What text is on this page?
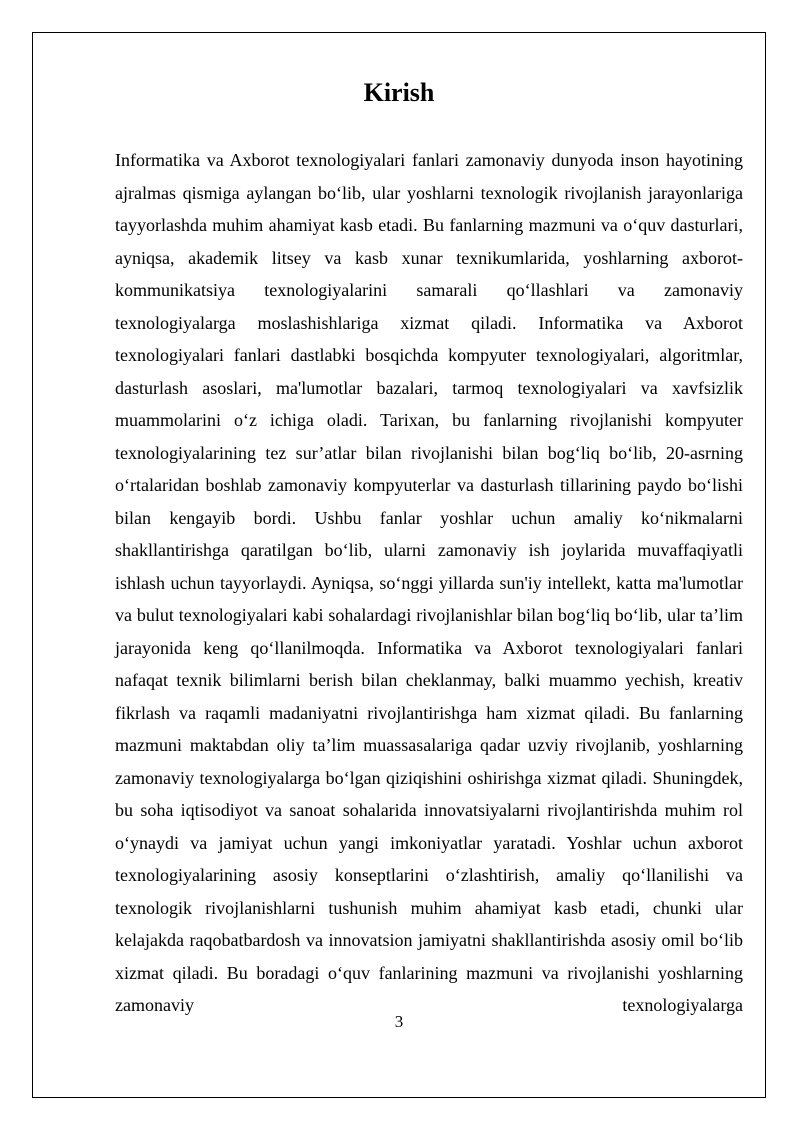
Kirish

Informatika va Axborot texnologiyalari fanlari zamonaviy dunyoda inson hayotining ajralmas qismiga aylangan bo‘lib, ular yoshlarni texnologik rivojlanish jarayonlariga tayyorlashda muhim ahamiyat kasb etadi. Bu fanlarning mazmuni va o‘quv dasturlari, ayniqsa, akademik litsey va kasb xunar texnikumlarida, yoshlarning axborot-kommunikatsiya texnologiyalarini samarali qo‘llashlari va zamonaviy texnologiyalarga moslashishlariga xizmat qiladi. Informatika va Axborot texnologiyalari fanlari dastlabki bosqichda kompyuter texnologiyalari, algoritmlar, dasturlash asoslari, ma'lumotlar bazalari, tarmoq texnologiyalari va xavfsizlik muammolarini o‘z ichiga oladi. Tarixan, bu fanlarning rivojlanishi kompyuter texnologiyalarining tez sur’atlar bilan rivojlanishi bilan bog‘liq bo‘lib, 20-asrning o‘rtalaridan boshlab zamonaviy kompyuterlar va dasturlash tillarining paydo bo‘lishi bilan kengayib bordi. Ushbu fanlar yoshlar uchun amaliy ko‘nikmalarni shakllantirishga qaratilgan bo‘lib, ularni zamonaviy ish joylarida muvaffaqiyatli ishlash uchun tayyorlaydi. Ayniqsa, so‘nggi yillarda sun'iy intellekt, katta ma'lumotlar va bulut texnologiyalari kabi sohalardagi rivojlanishlar bilan bog‘liq bo‘lib, ular ta’lim jarayonida keng qo‘llanilmoqda. Informatika va Axborot texnologiyalari fanlari nafaqat texnik bilimlarni berish bilan cheklanmay, balki muammo yechish, kreativ fikrlash va raqamli madaniyatni rivojlantirishga ham xizmat qiladi. Bu fanlarning mazmuni maktabdan oliy ta’lim muassasalariga qadar uzviy rivojlanib, yoshlarning zamonaviy texnologiyalarga bo‘lgan qiziqishini oshirishga xizmat qiladi. Shuningdek, bu soha iqtisodiyot va sanoat sohalarida innovatsiyalarni rivojlantirishda muhim rol o‘ynaydi va jamiyat uchun yangi imkoniyatlar yaratadi. Yoshlar uchun axborot texnologiyalarining asosiy konseptlarini o‘zlashtirish, amaliy qo‘llanilishi va texnologik rivojlanishlarni tushunish muhim ahamiyat kasb etadi, chunki ular kelajakda raqobatbardosh va innovatsion jamiyatni shakllantirishda asosiy omil bo‘lib xizmat qiladi. Bu boradagi o‘quv fanlarining mazmuni va rivojlanishi yoshlarning zamonaviy texnologiyalarga

3
